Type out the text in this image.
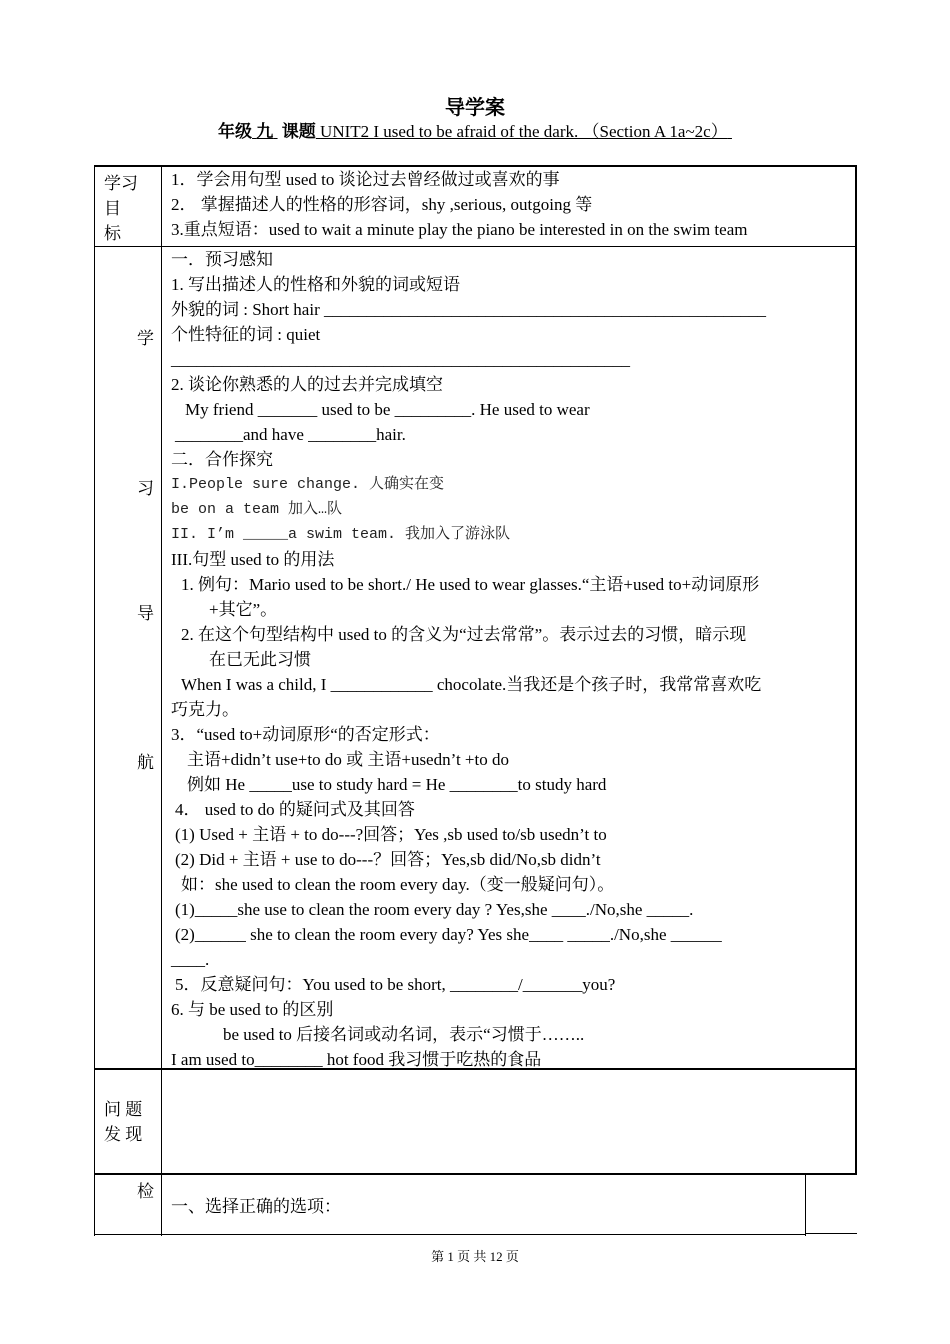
导学案
年级 九 课题 UNIT2 I used to be afraid of the dark. （Section A 1a~2c）
学习
目
标
1．学会用句型 used to 谈论过去曾经做过或喜欢的事
2． 掌握描述人的性格的形容词，shy ,serious, outgoing 等
3.重点短语：used to wait a minute play the piano be interested in on the swim team
学
习
导
航
一．预习感知
1. 写出描述人的性格和外貌的词或短语
外貌的词 : Short hair ____________________________________________________
个性特征的词 : quiet
______________________________________________________
2. 谈论你熟悉的人的过去并完成填空
My friend _______ used to be _________. He used to wear
________and have ________hair.
二．合作探究
I.People sure change. 人确实在变
be on a team 加入…队
II. I’m _____a swim team. 我加入了游泳队
III.句型 used to 的用法
1. 例句：Mario used to be short./ He used to wear glasses.“主语+used to+动词原形
+其它”。
2. 在这个句型结构中 used to 的含义为“过去常常”。表示过去的习惯，暗示现
在已无此习惯
When I was a child, I ____________ chocolate.当我还是个孩子时，我常常喜欢吃
巧克力。
3．“used to+动词原形“的否定形式：
主语+didn’t use+to do 或 主语+usedn’t +to do
例如 He _____use to study hard = He ________to study hard
4． used to do 的疑问式及其回答
(1) Used + 主语 + to do---?回答；Yes ,sb used to/sb usedn’t to
(2) Did + 主语 + use to do---？回答；Yes,sb did/No,sb didn’t
如：she used to clean the room every day.（变一般疑问句）。
(1)_____she use to clean the room every day ? Yes,she ____./No,she _____.
(2)______ she to clean the room every day? Yes she____ _____./No,she ______
____.
5．反意疑问句：You used to be short, ________/_______you?
6. 与 be used to 的区别
be used to 后接名词或动名词，表示“习惯于……..
I am used to________ hot food 我习惯于吃热的食品
问 题
发 现
检
一、选择正确的选项：
第 1 页 共 12 页
